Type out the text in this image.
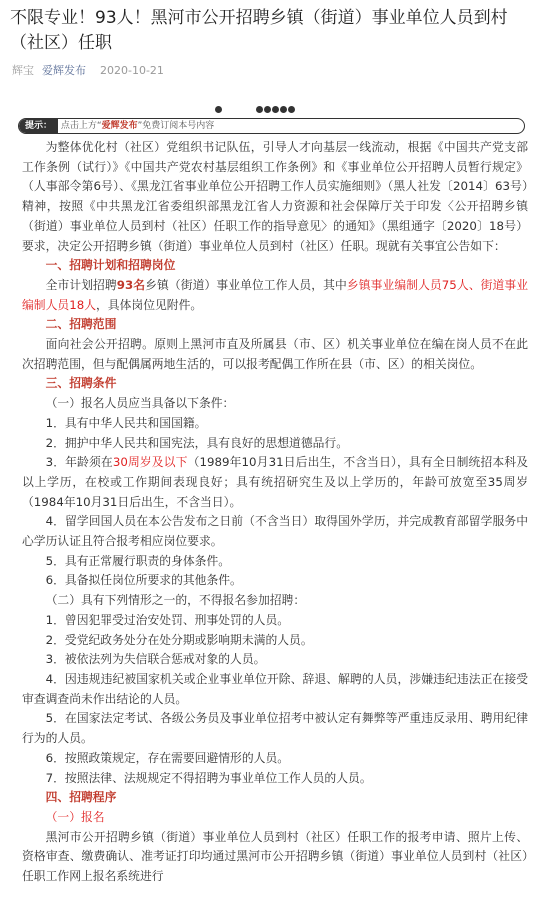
不限专业！93人！黑河市公开招聘乡镇（街道）事业单位人员到村（社区）任职
辉宝 爱辉发布 2020-10-21
提示： 点击上方“爱辉发布”免费订阅本号内容

为整体优化村（社区）党组织书记队伍，引导人才向基层一线流动，根据《中国共产党支部工作条例（试行）》《中国共产党农村基层组织工作条例》和《事业单位公开招聘人员暂行规定》（人事部令第6号）、《黑龙江省事业单位公开招聘工作人员实施细则》（黑人社发〔2014〕63号）精神，按照《中共黑龙江省委组织部黑龙江省人力资源和社会保障厅关于印发〈公开招聘乡镇（街道）事业单位人员到村（社区）任职工作的指导意见〉的通知》（黑组通字〔2020〕18号）要求，决定公开招聘乡镇（街道）事业单位人员到村（社区）任职。现就有关事宜公告如下：

一、招聘计划和招聘岗位

全市计划招聘93名乡镇（街道）事业单位工作人员，其中乡镇事业编制人员75人、街道事业编制人员18人，具体岗位见附件。

二、招聘范围

面向社会公开招聘。原则上黑河市直及所属县（市、区）机关事业单位在编在岗人员不在此次招聘范围，但与配偶属两地生活的，可以报考配偶工作所在县（市、区）的相关岗位。

三、招聘条件

（一）报名人员应当具备以下条件：

1．具有中华人民共和国国籍。

2．拥护中华人民共和国宪法，具有良好的思想道德品行。

3．年龄须在30周岁及以下（1989年10月31日后出生，不含当日），具有全日制统招本科及以上学历，在校或工作期间表现良好；具有统招研究生及以上学历的，年龄可放宽至35周岁（1984年10月31日后出生，不含当日）。

4．留学回国人员在本公告发布之日前（不含当日）取得国外学历，并完成教育部留学服务中心学历认证且符合报考相应岗位要求。

5．具有正常履行职责的身体条件。

6．具备拟任岗位所要求的其他条件。

（二）具有下列情形之一的，不得报名参加招聘：

1．曾因犯罪受过治安处罚、刑事处罚的人员。

2．受党纪政务处分在处分期或影响期未满的人员。

3．被依法列为失信联合惩戒对象的人员。

4．因违规违纪被国家机关或企业事业单位开除、辞退、解聘的人员，涉嫌违纪违法正在接受审查调查尚未作出结论的人员。

5．在国家法定考试、各级公务员及事业单位招考中被认定有舞弊等严重违反录用、聘用纪律行为的人员。

6．按照政策规定，存在需要回避情形的人员。

7．按照法律、法规规定不得招聘为事业单位工作人员的人员。

四、招聘程序

（一）报名

黑河市公开招聘乡镇（街道）事业单位人员到村（社区）任职工作的报考申请、照片上传、资格审查、缴费确认、准考证打印均通过黑河市公开招聘乡镇（街道）事业单位人员到村（社区）任职工作网上报名系统进行
